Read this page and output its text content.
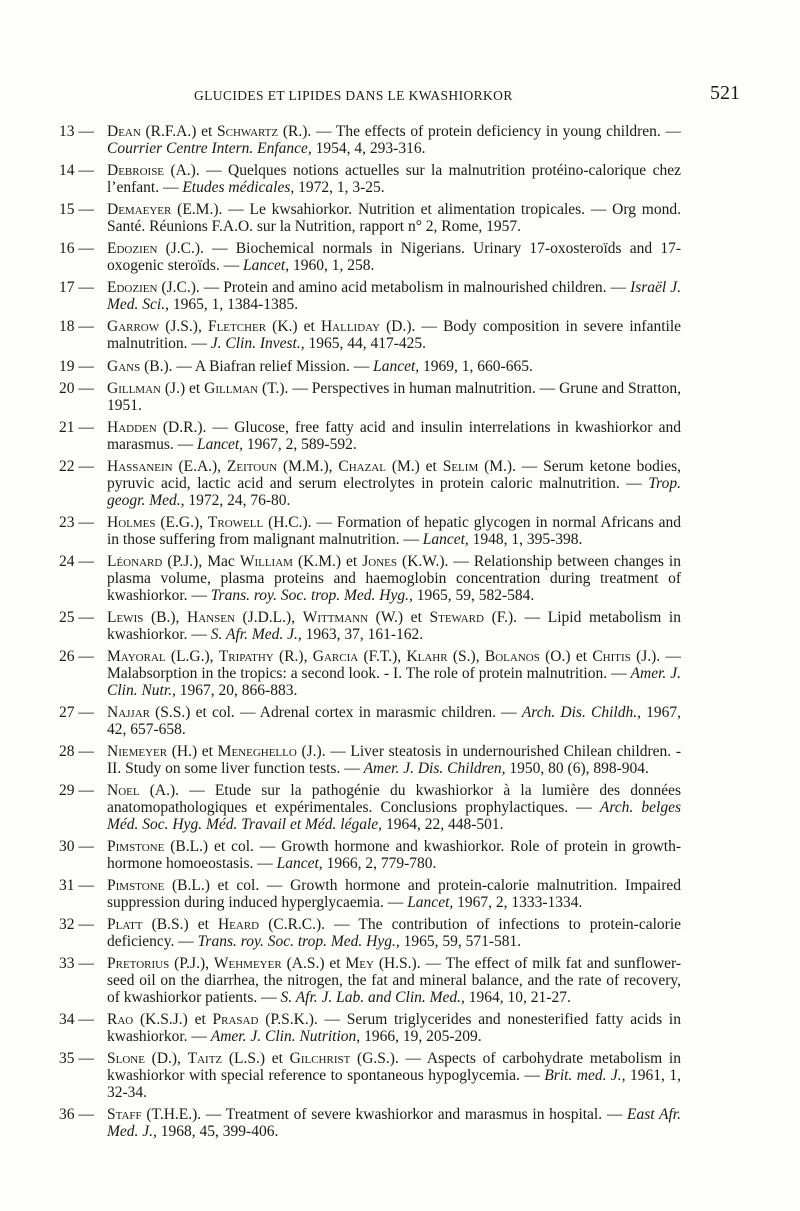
GLUCIDES ET LIPIDES DANS LE KWASHIORKOR	521
13 — Dean (R.F.A.) et Schwartz (R.). — The effects of protein deficiency in young children. — Courrier Centre Intern. Enfance, 1954, 4, 293-316.
14 — Debroise (A.). — Quelques notions actuelles sur la malnutrition protéino-calorique chez l’enfant. — Etudes médicales, 1972, 1, 3-25.
15 — Demaeyer (E.M.). — Le kwsahiorkor. Nutrition et alimentation tropicales. — Org mond. Santé. Réunions F.A.O. sur la Nutrition, rapport n° 2, Rome, 1957.
16 — Edozien (J.C.). — Biochemical normals in Nigerians. Urinary 17-oxosteroïds and 17-oxogenic steroïds. — Lancet, 1960, 1, 258.
17 — Edozien (J.C.). — Protein and amino acid metabolism in malnourished children. — Israël J. Med. Sci., 1965, 1, 1384-1385.
18 — Garrow (J.S.), Fletcher (K.) et Halliday (D.). — Body composition in severe infantile malnutrition. — J. Clin. Invest., 1965, 44, 417-425.
19 — Gans (B.). — A Biafran relief Mission. — Lancet, 1969, 1, 660-665.
20 — Gillman (J.) et Gillman (T.). — Perspectives in human malnutrition. — Grune and Stratton, 1951.
21 — Hadden (D.R.). — Glucose, free fatty acid and insulin interrelations in kwashiorkor and marasmus. — Lancet, 1967, 2, 589-592.
22 — Hassanein (E.A.), Zeitoun (M.M.), Chazal (M.) et Selim (M.). — Serum ketone bodies, pyruvic acid, lactic acid and serum electrolytes in protein caloric malnutrition. — Trop. geogr. Med., 1972, 24, 76-80.
23 — Holmes (E.G.), Trowell (H.C.). — Formation of hepatic glycogen in normal Africans and in those suffering from malignant malnutrition. — Lancet, 1948, 1, 395-398.
24 — Léonard (P.J.), Mac William (K.M.) et Jones (K.W.). — Relationship between changes in plasma volume, plasma proteins and haemoglobin concentration during treatment of kwashiorkor. — Trans. roy. Soc. trop. Med. Hyg., 1965, 59, 582-584.
25 — Lewis (B.), Hansen (J.D.L.), Wittmann (W.) et Steward (F.). — Lipid metabolism in kwashiorkor. — S. Afr. Med. J., 1963, 37, 161-162.
26 — Mayoral (L.G.), Tripathy (R.), Garcia (F.T.), Klahr (S.), Bolanos (O.) et Chitis (J.). — Malabsorption in the tropics: a second look. - I. The role of protein malnutrition. — Amer. J. Clin. Nutr., 1967, 20, 866-883.
27 — Najjar (S.S.) et col. — Adrenal cortex in marasmic children. — Arch. Dis. Childh., 1967, 42, 657-658.
28 — Niemeyer (H.) et Meneghello (J.). — Liver steatosis in undernourished Chilean children. - II. Study on some liver function tests. — Amer. J. Dis. Children, 1950, 80 (6), 898-904.
29 — Noel (A.). — Etude sur la pathogénie du kwashiorkor à la lumière des données anatomopathologiques et expérimentales. Conclusions prophylactiques. — Arch. belges Méd. Soc. Hyg. Méd. Travail et Méd. légale, 1964, 22, 448-501.
30 — Pimstone (B.L.) et col. — Growth hormone and kwashiorkor. Role of protein in growth-hormone homoeostasis. — Lancet, 1966, 2, 779-780.
31 — Pimstone (B.L.) et col. — Growth hormone and protein-calorie malnutrition. Impaired suppression during induced hyperglycaemia. — Lancet, 1967, 2, 1333-1334.
32 — Platt (B.S.) et Heard (C.R.C.). — The contribution of infections to protein-calorie deficiency. — Trans. roy. Soc. trop. Med. Hyg., 1965, 59, 571-581.
33 — Pretorius (P.J.), Wehmeyer (A.S.) et Mey (H.S.). — The effect of milk fat and sunflower-seed oil on the diarrhea, the nitrogen, the fat and mineral balance, and the rate of recovery, of kwashiorkor patients. — S. Afr. J. Lab. and Clin. Med., 1964, 10, 21-27.
34 — Rao (K.S.J.) et Prasad (P.S.K.). — Serum triglycerides and nonesterified fatty acids in kwashiorkor. — Amer. J. Clin. Nutrition, 1966, 19, 205-209.
35 — Slone (D.), Taitz (L.S.) et Gilchrist (G.S.). — Aspects of carbohydrate metabolism in kwashiorkor with special reference to spontaneous hypoglycemia. — Brit. med. J., 1961, 1, 32-34.
36 — Staff (T.H.E.). — Treatment of severe kwashiorkor and marasmus in hospital. — East Afr. Med. J., 1968, 45, 399-406.
